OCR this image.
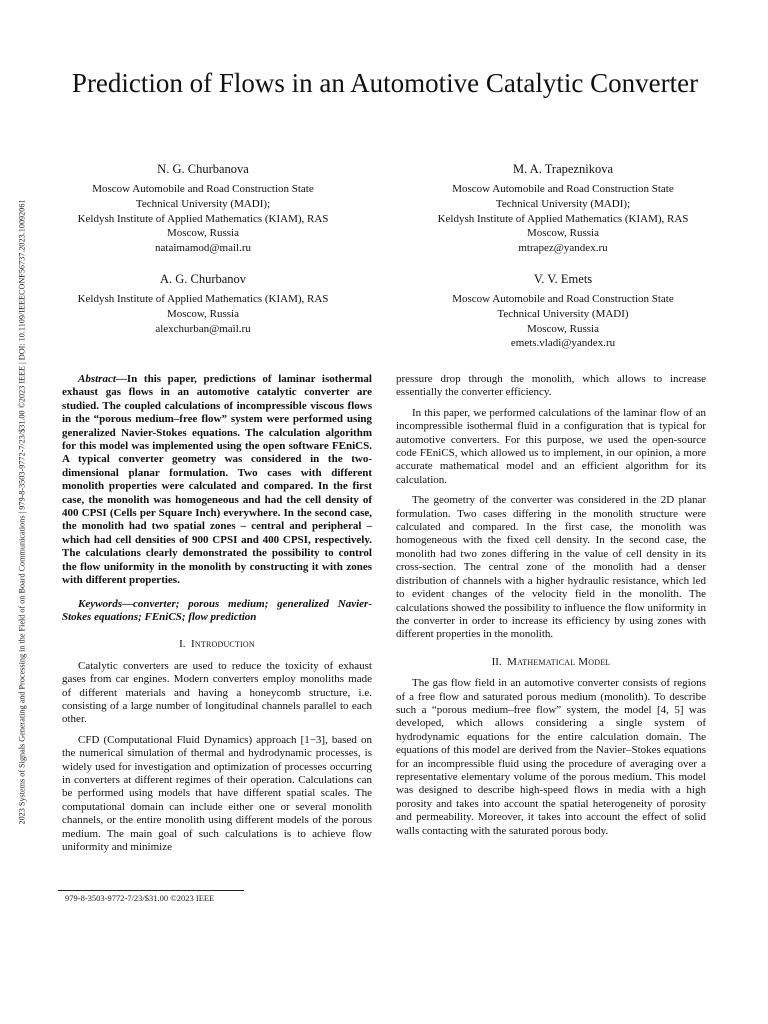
2023 Systems of Signals Generating and Processing in the Field of on Board Communications | 979-8-3503-9772-7/23/$31.00 ©2023 IEEE | DOI: 10.1109/IEEECONF56737.2023.10092061
Prediction of Flows in an Automotive Catalytic Converter
N. G. Churbanova
Moscow Automobile and Road Construction State
Technical University (MADI);
Keldysh Institute of Applied Mathematics (KIAM), RAS
Moscow, Russia
nataimamod@mail.ru
M. A. Trapeznikova
Moscow Automobile and Road Construction State
Technical University (MADI);
Keldysh Institute of Applied Mathematics (KIAM), RAS
Moscow, Russia
mtrapez@yandex.ru
A. G. Churbanov
Keldysh Institute of Applied Mathematics (KIAM), RAS
Moscow, Russia
alexchurban@mail.ru
V. V. Emets
Moscow Automobile and Road Construction State
Technical University (MADI)
Moscow, Russia
emets.vladi@yandex.ru

Abstract—In this paper, predictions of laminar isothermal exhaust gas flows in an automotive catalytic converter are studied. The coupled calculations of incompressible viscous flows in the “porous medium–free flow” system were performed using generalized Navier-Stokes equations. The calculation algorithm for this model was implemented using the open software FEniCS. A typical converter geometry was considered in the two-dimensional planar formulation. Two cases with different monolith properties were calculated and compared. In the first case, the monolith was homogeneous and had the cell density of 400 CPSI (Cells per Square Inch) everywhere. In the second case, the monolith had two spatial zones – central and peripheral – which had cell densities of 900 CPSI and 400 CPSI, respectively. The calculations clearly demonstrated the possibility to control the flow uniformity in the monolith by constructing it with zones with different properties.

Keywords—converter; porous medium; generalized Navier-Stokes equations; FEniCS; flow prediction

I. Introduction

Catalytic converters are used to reduce the toxicity of exhaust gases from car engines. Modern converters employ monoliths made of different materials and having a honeycomb structure, i.e. consisting of a large number of longitudinal channels parallel to each other.

CFD (Computational Fluid Dynamics) approach [1−3], based on the numerical simulation of thermal and hydrodynamic processes, is widely used for investigation and optimization of processes occurring in converters at different regimes of their operation. Calculations can be performed using models that have different spatial scales. The computational domain can include either one or several monolith channels, or the entire monolith using different models of the porous medium. The main goal of such calculations is to achieve flow uniformity and minimize

pressure drop through the monolith, which allows to increase essentially the converter efficiency.

In this paper, we performed calculations of the laminar flow of an incompressible isothermal fluid in a configuration that is typical for automotive converters. For this purpose, we used the open-source code FEniCS, which allowed us to implement, in our opinion, a more accurate mathematical model and an efficient algorithm for its calculation.

The geometry of the converter was considered in the 2D planar formulation. Two cases differing in the monolith structure were calculated and compared. In the first case, the monolith was homogeneous with the fixed cell density. In the second case, the monolith had two zones differing in the value of cell density in its cross-section. The central zone of the monolith had a denser distribution of channels with a higher hydraulic resistance, which led to evident changes of the velocity field in the monolith. The calculations showed the possibility to influence the flow uniformity in the converter in order to increase its efficiency by using zones with different properties in the monolith.

II. Mathematical Model

The gas flow field in an automotive converter consists of regions of a free flow and saturated porous medium (monolith). To describe such a “porous medium–free flow” system, the model [4, 5] was developed, which allows considering a single system of hydrodynamic equations for the entire calculation domain. The equations of this model are derived from the Navier–Stokes equations for an incompressible fluid using the procedure of averaging over a representative elementary volume of the porous medium. This model was designed to describe high-speed flows in media with a high porosity and takes into account the spatial heterogeneity of porosity and permeability. Moreover, it takes into account the effect of solid walls contacting with the saturated porous body.

979-8-3503-9772-7/23/$31.00 ©2023 IEEE
